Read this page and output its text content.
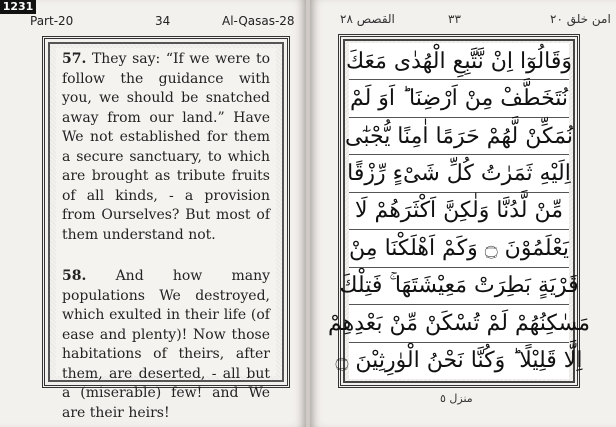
1231
Part-20	34	Al-Qasas-28

57. They say: “If we were to follow the guidance with you, we should be snatched away from our land.” Have We not established for them a secure sanctuary, to which are brought as tribute fruits of all kinds, - a provision from Ourselves? But most of them understand not.

58. And how many populations We destroyed, which exulted in their life (of ease and plenty)! Now those habitations of theirs, after them, are deserted, - all but a (miserable) few! and We are their heirs!

القصص ٢٨	٣٣	امن خلق ٢٠
وَقَالُوٓا اِنْ نَّتَّبِعِ الْهُدٰى مَعَكَ
نُتَخَطَّفْ مِنْ اَرْضِنَا ؕ اَوَ لَمْ
نُمَكِّنْ لَّهُمْ حَرَمًا اٰمِنًا يُّجْبٰٓى
اِلَيْهِ ثَمَرٰتُ كُلِّ شَىْءٍ رِّزْقًا
مِّنْ لَّدُنَّا وَلٰكِنَّ اَكْثَرَهُمْ لَا
يَعْلَمُوْنَ ۝ وَكَمْ اَهْلَكْنَا مِنْ
قَرْيَةٍ بَطِرَتْ مَعِيْشَتَهَا ۚ فَتِلْكَ
مَسٰكِنُهُمْ لَمْ تُسْكَنْ مِّنْ بَعْدِهِمْ
اِلَّا قَلِيْلًا ؕ وَكُنَّا نَحْنُ الْوٰرِثِيْنَ ۝
منزل ٥
